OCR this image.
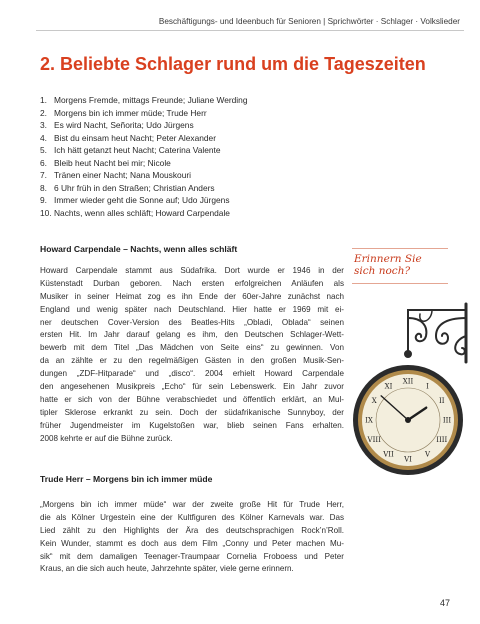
Beschäftigungs- und Ideenbuch für Senioren | Sprichwörter · Schlager · Volkslieder
2. Beliebte Schlager rund um die Tageszeiten
1. Morgens Fremde, mittags Freunde; Juliane Werding
2. Morgens bin ich immer müde; Trude Herr
3. Es wird Nacht, Señorita; Udo Jürgens
4. Bist du einsam heut Nacht; Peter Alexander
5. Ich hätt getanzt heut Nacht; Caterina Valente
6. Bleib heut Nacht bei mir; Nicole
7. Tränen einer Nacht; Nana Mouskouri
8. 6 Uhr früh in den Straßen; Christian Anders
9. Immer wieder geht die Sonne auf; Udo Jürgens
10. Nachts, wenn alles schläft; Howard Carpendale
Howard Carpendale – Nachts, wenn alles schläft

Howard Carpendale stammt aus Südafrika. Dort wurde er 1946 in der

Küstenstadt Durban geboren. Nach ersten erfolgreichen Anläufen als

Musiker in seiner Heimat zog es ihn Ende der 60er-Jahre zunächst nach

England und wenig später nach Deutschland. Hier hatte er 1969 mit ei-

ner deutschen Cover-Version des Beatles-Hits „Obladi, Oblada“ seinen

ersten Hit. Im Jahr darauf gelang es ihm, den Deutschen Schlager-Wett-

bewerb mit dem Titel „Das Mädchen von Seite eins“ zu gewinnen. Von

da an zählte er zu den regelmäßigen Gästen in den großen Musik-Sen-

dungen „ZDF-Hitparade“ und „disco“. 2004 erhielt Howard Carpendale

den angesehenen Musikpreis „Echo“ für sein Lebenswerk. Ein Jahr zuvor

hatte er sich von der Bühne verabschiedet und öffentlich erklärt, an Mul-

tipler Sklerose erkrankt zu sein. Doch der südafrikanische Sunnyboy, der

früher Jugendmeister im Kugelstoßen war, blieb seinen Fans erhalten.

2008 kehrte er auf die Bühne zurück.

Trude Herr – Morgens bin ich immer müde

„Morgens bin ich immer müde“ war der zweite große Hit für Trude Herr,

die als Kölner Urgesteìn eine der Kultfiguren des Kölner Karnevals war. Das

Lied zählt zu den Highlights der Ära des deutschsprachigen Rock’n’Roll.

Kein Wunder, stammt es doch aus dem Film „Conny und Peter machen Mu-

sik“ mit dem damaligen Teenager-Traumpaar Cornelia Froboess und Peter

Kraus, an die sich auch heute, Jahrzehnte später, viele gerne erinnern.

Erinnern Sie
sich noch?
XII
I
II
III
IIII
V
VI
VII
VIII
IX
X
XI
47
